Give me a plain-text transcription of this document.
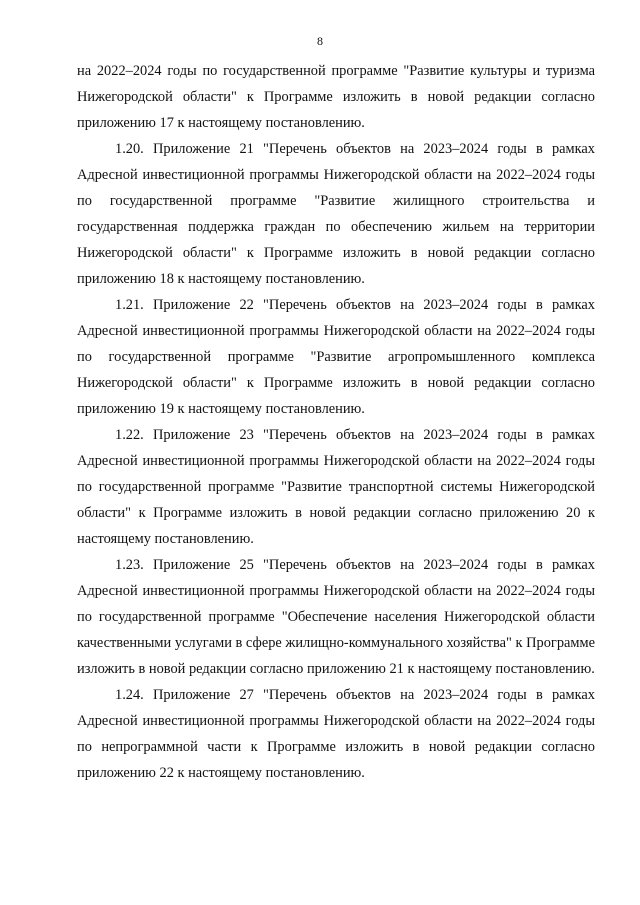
8

на 2022–2024 годы по государственной программе "Развитие культуры и туризма Нижегородской области" к Программе изложить в новой редакции согласно приложению 17 к настоящему постановлению.

1.20. Приложение 21 "Перечень объектов на 2023–2024 годы в рамках Адресной инвестиционной программы Нижегородской области на 2022–2024 годы по государственной программе "Развитие жилищного строительства и государственная поддержка граждан по обеспечению жильем на территории Нижегородской области" к Программе изложить в новой редакции согласно приложению 18 к настоящему постановлению.

1.21. Приложение 22 "Перечень объектов на 2023–2024 годы в рамках Адресной инвестиционной программы Нижегородской области на 2022–2024 годы по государственной программе "Развитие агропромышленного комплекса Нижегородской области" к Программе изложить в новой редакции согласно приложению 19 к настоящему постановлению.

1.22. Приложение 23 "Перечень объектов на 2023–2024 годы в рамках Адресной инвестиционной программы Нижегородской области на 2022–2024 годы по государственной программе "Развитие транспортной системы Нижегородской области" к Программе изложить в новой редакции согласно приложению 20 к настоящему постановлению.

1.23. Приложение 25 "Перечень объектов на 2023–2024 годы в рамках Адресной инвестиционной программы Нижегородской области на 2022–2024 годы по государственной программе "Обеспечение населения Нижегородской области качественными услугами в сфере жилищно-коммунального хозяйства" к Программе изложить в новой редакции согласно приложению 21 к настоящему постановлению.

1.24. Приложение 27 "Перечень объектов на 2023–2024 годы в рамках Адресной инвестиционной программы Нижегородской области на 2022–2024 годы по непрограммной части к Программе изложить в новой редакции согласно приложению 22 к настоящему постановлению.
